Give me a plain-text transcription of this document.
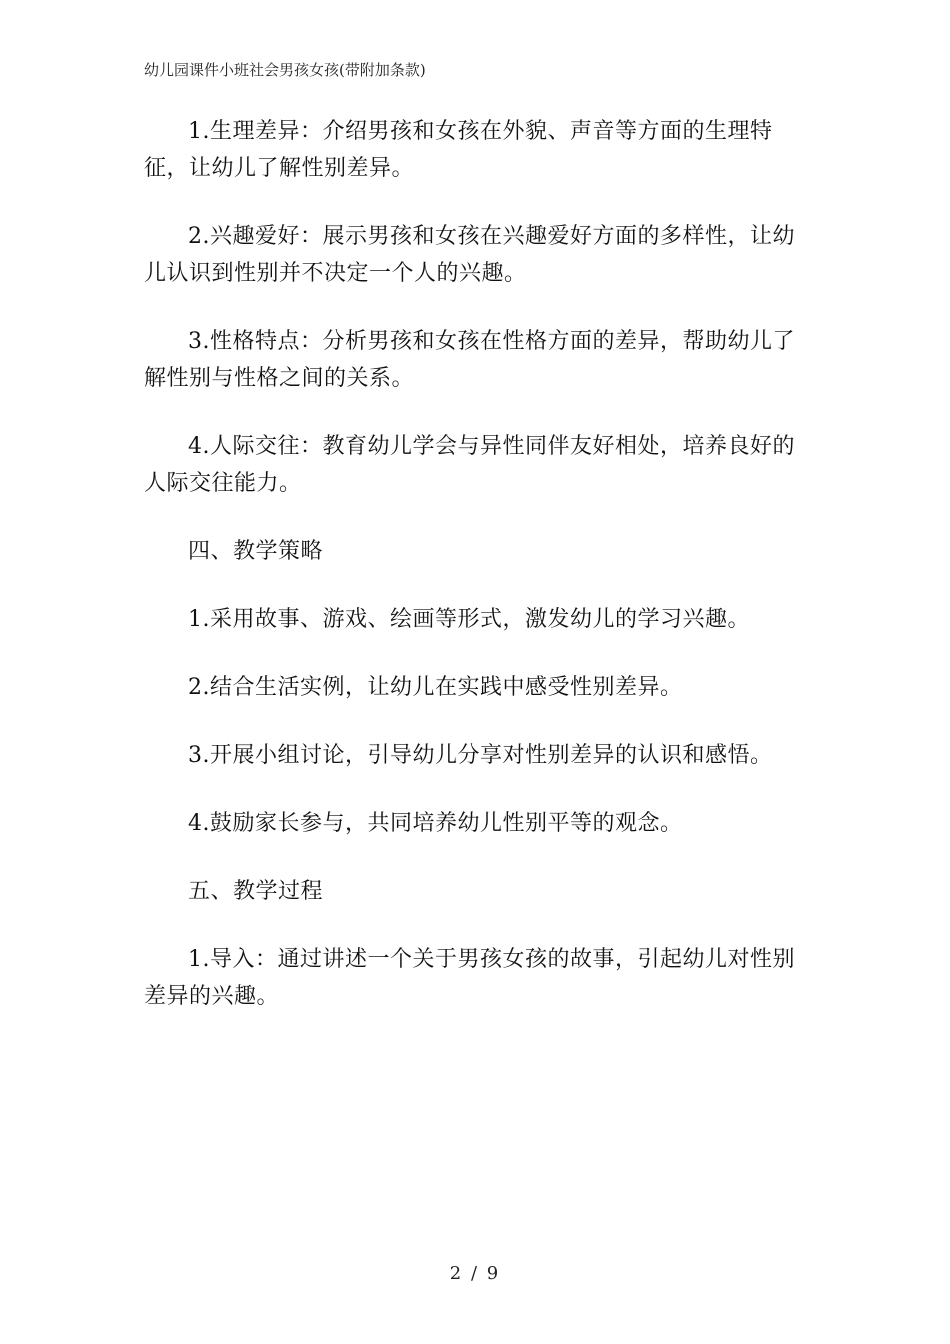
幼儿园课件小班社会男孩女孩(带附加条款)

1.生理差异：介绍男孩和女孩在外貌、声音等方面的生理特征，让幼儿了解性别差异。

2.兴趣爱好：展示男孩和女孩在兴趣爱好方面的多样性，让幼儿认识到性别并不决定一个人的兴趣。

3.性格特点：分析男孩和女孩在性格方面的差异，帮助幼儿了解性别与性格之间的关系。

4.人际交往：教育幼儿学会与异性同伴友好相处，培养良好的人际交往能力。

四、教学策略

1.采用故事、游戏、绘画等形式，激发幼儿的学习兴趣。

2.结合生活实例，让幼儿在实践中感受性别差异。

3.开展小组讨论，引导幼儿分享对性别差异的认识和感悟。

4.鼓励家长参与，共同培养幼儿性别平等的观念。

五、教学过程

1.导入：通过讲述一个关于男孩女孩的故事，引起幼儿对性别差异的兴趣。

2 / 9
